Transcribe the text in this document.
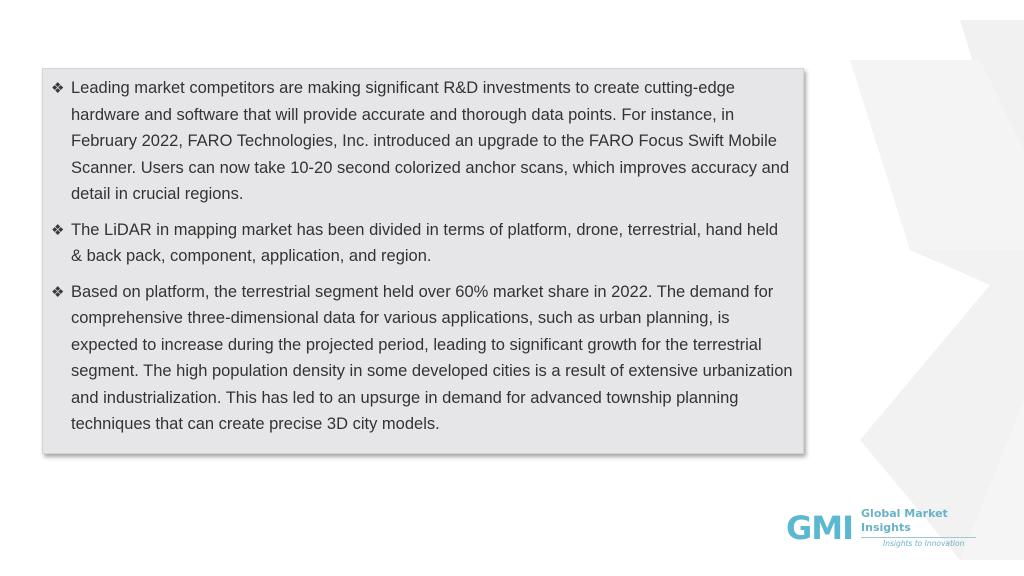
❖ Leading market competitors are making significant R&D investments to create cutting-edge hardware and software that will provide accurate and thorough data points. For instance, in February 2022, FARO Technologies, Inc. introduced an upgrade to the FARO Focus Swift Mobile Scanner. Users can now take 10-20 second colorized anchor scans, which improves accuracy and detail in crucial regions.
❖ The LiDAR in mapping market has been divided in terms of platform, drone, terrestrial, hand held & back pack, component, application, and region.
❖ Based on platform, the terrestrial segment held over 60% market share in 2022. The demand for comprehensive three-dimensional data for various applications, such as urban planning, is expected to increase during the projected period, leading to significant growth for the terrestrial segment. The high population density in some developed cities is a result of extensive urbanization and industrialization. This has led to an upsurge in demand for advanced township planning techniques that can create precise 3D city models.
GMI Global Market Insights
Insights to Innovation
